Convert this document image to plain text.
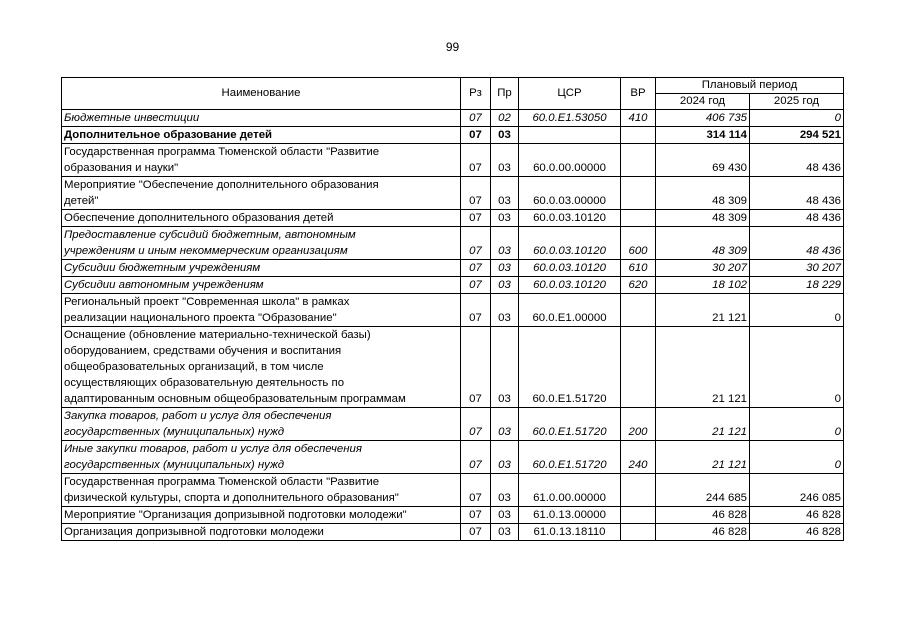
99
Наименование	Рз	Пр	ЦСР	ВР	Плановый период	
					2024 год	2025 год
Бюджетные инвестиции	07	02	60.0.E1.53050	410	406 735	0
Дополнительное образование детей	07	03			314 114	294 521
Государственная программа Тюменской области "Развитие
образования и науки"	07	03	60.0.00.00000		69 430	48 436
Мероприятие "Обеспечение дополнительного образования
детей"	07	03	60.0.03.00000		48 309	48 436
Обеспечение дополнительного образования детей	07	03	60.0.03.10120		48 309	48 436
Предоставление субсидий бюджетным, автономным
учреждениям и иным некоммерческим организациям	07	03	60.0.03.10120	600	48 309	48 436
Субсидии бюджетным учреждениям	07	03	60.0.03.10120	610	30 207	30 207
Субсидии автономным учреждениям	07	03	60.0.03.10120	620	18 102	18 229
Региональный проект "Современная школа" в рамках
реализации национального проекта "Образование"	07	03	60.0.E1.00000		21 121	0
Оснащение (обновление материально-технической базы)
оборудованием, средствами обучения и воспитания
общеобразовательных организаций, в том числе
осуществляющих образовательную деятельность по
адаптированным основным общеобразовательным программам	07	03	60.0.E1.51720		21 121	0
Закупка товаров, работ и услуг для обеспечения
государственных (муниципальных) нужд	07	03	60.0.E1.51720	200	21 121	0
Иные закупки товаров, работ и услуг для обеспечения
государственных (муниципальных) нужд	07	03	60.0.E1.51720	240	21 121	0
Государственная программа Тюменской области "Развитие
физической культуры, спорта и дополнительного образования"	07	03	61.0.00.00000		244 685	246 085
Мероприятие "Организация допризывной подготовки молодежи"	07	03	61.0.13.00000		46 828	46 828
Организация допризывной подготовки молодежи	07	03	61.0.13.18110		46 828	46 828
